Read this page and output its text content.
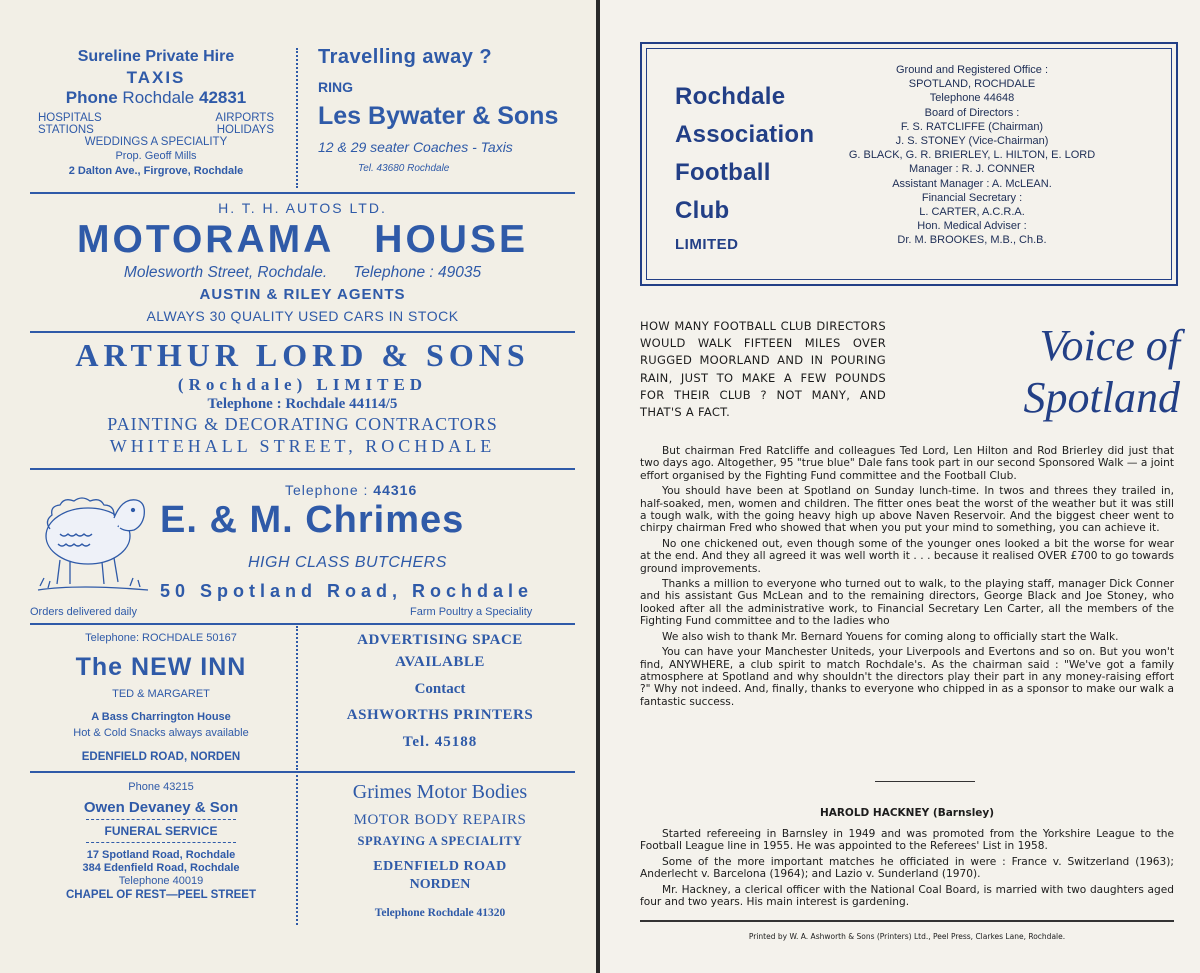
Sureline Private Hire
TAXIS
Phone Rochdale 42831
HOSPITALS	AIRPORTS
STATIONS	HOLIDAYS
WEDDINGS A SPECIALITY
Prop. Geoff Mills
2 Dalton Ave., Firgrove, Rochdale
Travelling away ?
RING
Les Bywater & Sons
12 & 29 seater Coaches - Taxis
Tel. 43680 Rochdale
H. T. H. AUTOS LTD.
MOTORAMA HOUSE
Molesworth Street, Rochdale. Telephone : 49035
AUSTIN & RILEY AGENTS
ALWAYS 30 QUALITY USED CARS IN STOCK
ARTHUR LORD & SONS
(Rochdale) LIMITED
Telephone : Rochdale 44114/5
PAINTING & DECORATING CONTRACTORS
WHITEHALL STREET, ROCHDALE
Orders delivered daily
Telephone : 44316
E. & M. Chrimes
HIGH CLASS BUTCHERS
50 Spotland Road, Rochdale
Farm Poultry a Speciality
Telephone: ROCHDALE 50167
The NEW INN
TED & MARGARET
A Bass Charrington House
Hot & Cold Snacks always available
EDENFIELD ROAD, NORDEN
ADVERTISING SPACE
AVAILABLE
Contact
ASHWORTHS PRINTERS
Tel. 45188
Phone 43215
Owen Devaney & Son
FUNERAL SERVICE
17 Spotland Road, Rochdale
384 Edenfield Road, Rochdale
Telephone 40019
CHAPEL OF REST—PEEL STREET
Grimes Motor Bodies
MOTOR BODY REPAIRS
SPRAYING A SPECIALITY
EDENFIELD ROAD
NORDEN
Telephone Rochdale 41320
Rochdale
Association
Football
Club
LIMITED
Ground and Registered Office :
SPOTLAND, ROCHDALE
Telephone 44648
Board of Directors :
F. S. RATCLIFFE (Chairman)
J. S. STONEY (Vice-Chairman)
G. BLACK, G. R. BRIERLEY, L. HILTON, E. LORD
Manager : R. J. CONNER
Assistant Manager : A. McLEAN.
Financial Secretary :
L. CARTER, A.C.R.A.
Hon. Medical Adviser :
Dr. M. BROOKES, M.B., Ch.B.
Voice of
Spotland
HOW MANY FOOTBALL CLUB DIRECTORS WOULD WALK FIFTEEN MILES OVER RUGGED MOORLAND AND IN POURING RAIN, JUST TO MAKE A FEW POUNDS FOR THEIR CLUB ? NOT MANY, AND THAT'S A FACT.

But chairman Fred Ratcliffe and colleagues Ted Lord, Len Hilton and Rod Brierley did just that two days ago. Altogether, 95 "true blue" Dale fans took part in our second Sponsored Walk — a joint effort organised by the Fighting Fund committee and the Football Club.

You should have been at Spotland on Sunday lunch-time. In twos and threes they trailed in, half-soaked, men, women and children. The fitter ones beat the worst of the weather but it was still a tough walk, with the going heavy high up above Naven Reservoir. And the biggest cheer went to chirpy chairman Fred who showed that when you put your mind to something, you can achieve it.

No one chickened out, even though some of the younger ones looked a bit the worse for wear at the end. And they all agreed it was well worth it . . . because it realised OVER £700 to go towards ground improvements.

Thanks a million to everyone who turned out to walk, to the playing staff, manager Dick Conner and his assistant Gus McLean and to the remaining directors, George Black and Joe Stoney, who looked after all the administrative work, to Financial Secretary Len Carter, all the members of the Fighting Fund committee and to the ladies who

We also wish to thank Mr. Bernard Youens for coming along to officially start the Walk.

You can have your Manchester Uniteds, your Liverpools and Evertons and so on. But you won't find, ANYWHERE, a club spirit to match Rochdale's. As the chairman said : "We've got a family atmosphere at Spotland and why shouldn't the directors play their part in any money-raising effort ?" Why not indeed. And, finally, thanks to everyone who chipped in as a sponsor to make our walk a fantastic success.

HAROLD HACKNEY (Barnsley)

Started refereeing in Barnsley in 1949 and was promoted from the Yorkshire League to the Football League line in 1955. He was appointed to the Referees' List in 1958.

Some of the more important matches he officiated in were : France v. Switzerland (1963); Anderlecht v. Barcelona (1964); and Lazio v. Sunderland (1970).

Mr. Hackney, a clerical officer with the National Coal Board, is married with two daughters aged four and two years. His main interest is gardening.

Printed by W. A. Ashworth & Sons (Printers) Ltd., Peel Press, Clarkes Lane, Rochdale.
